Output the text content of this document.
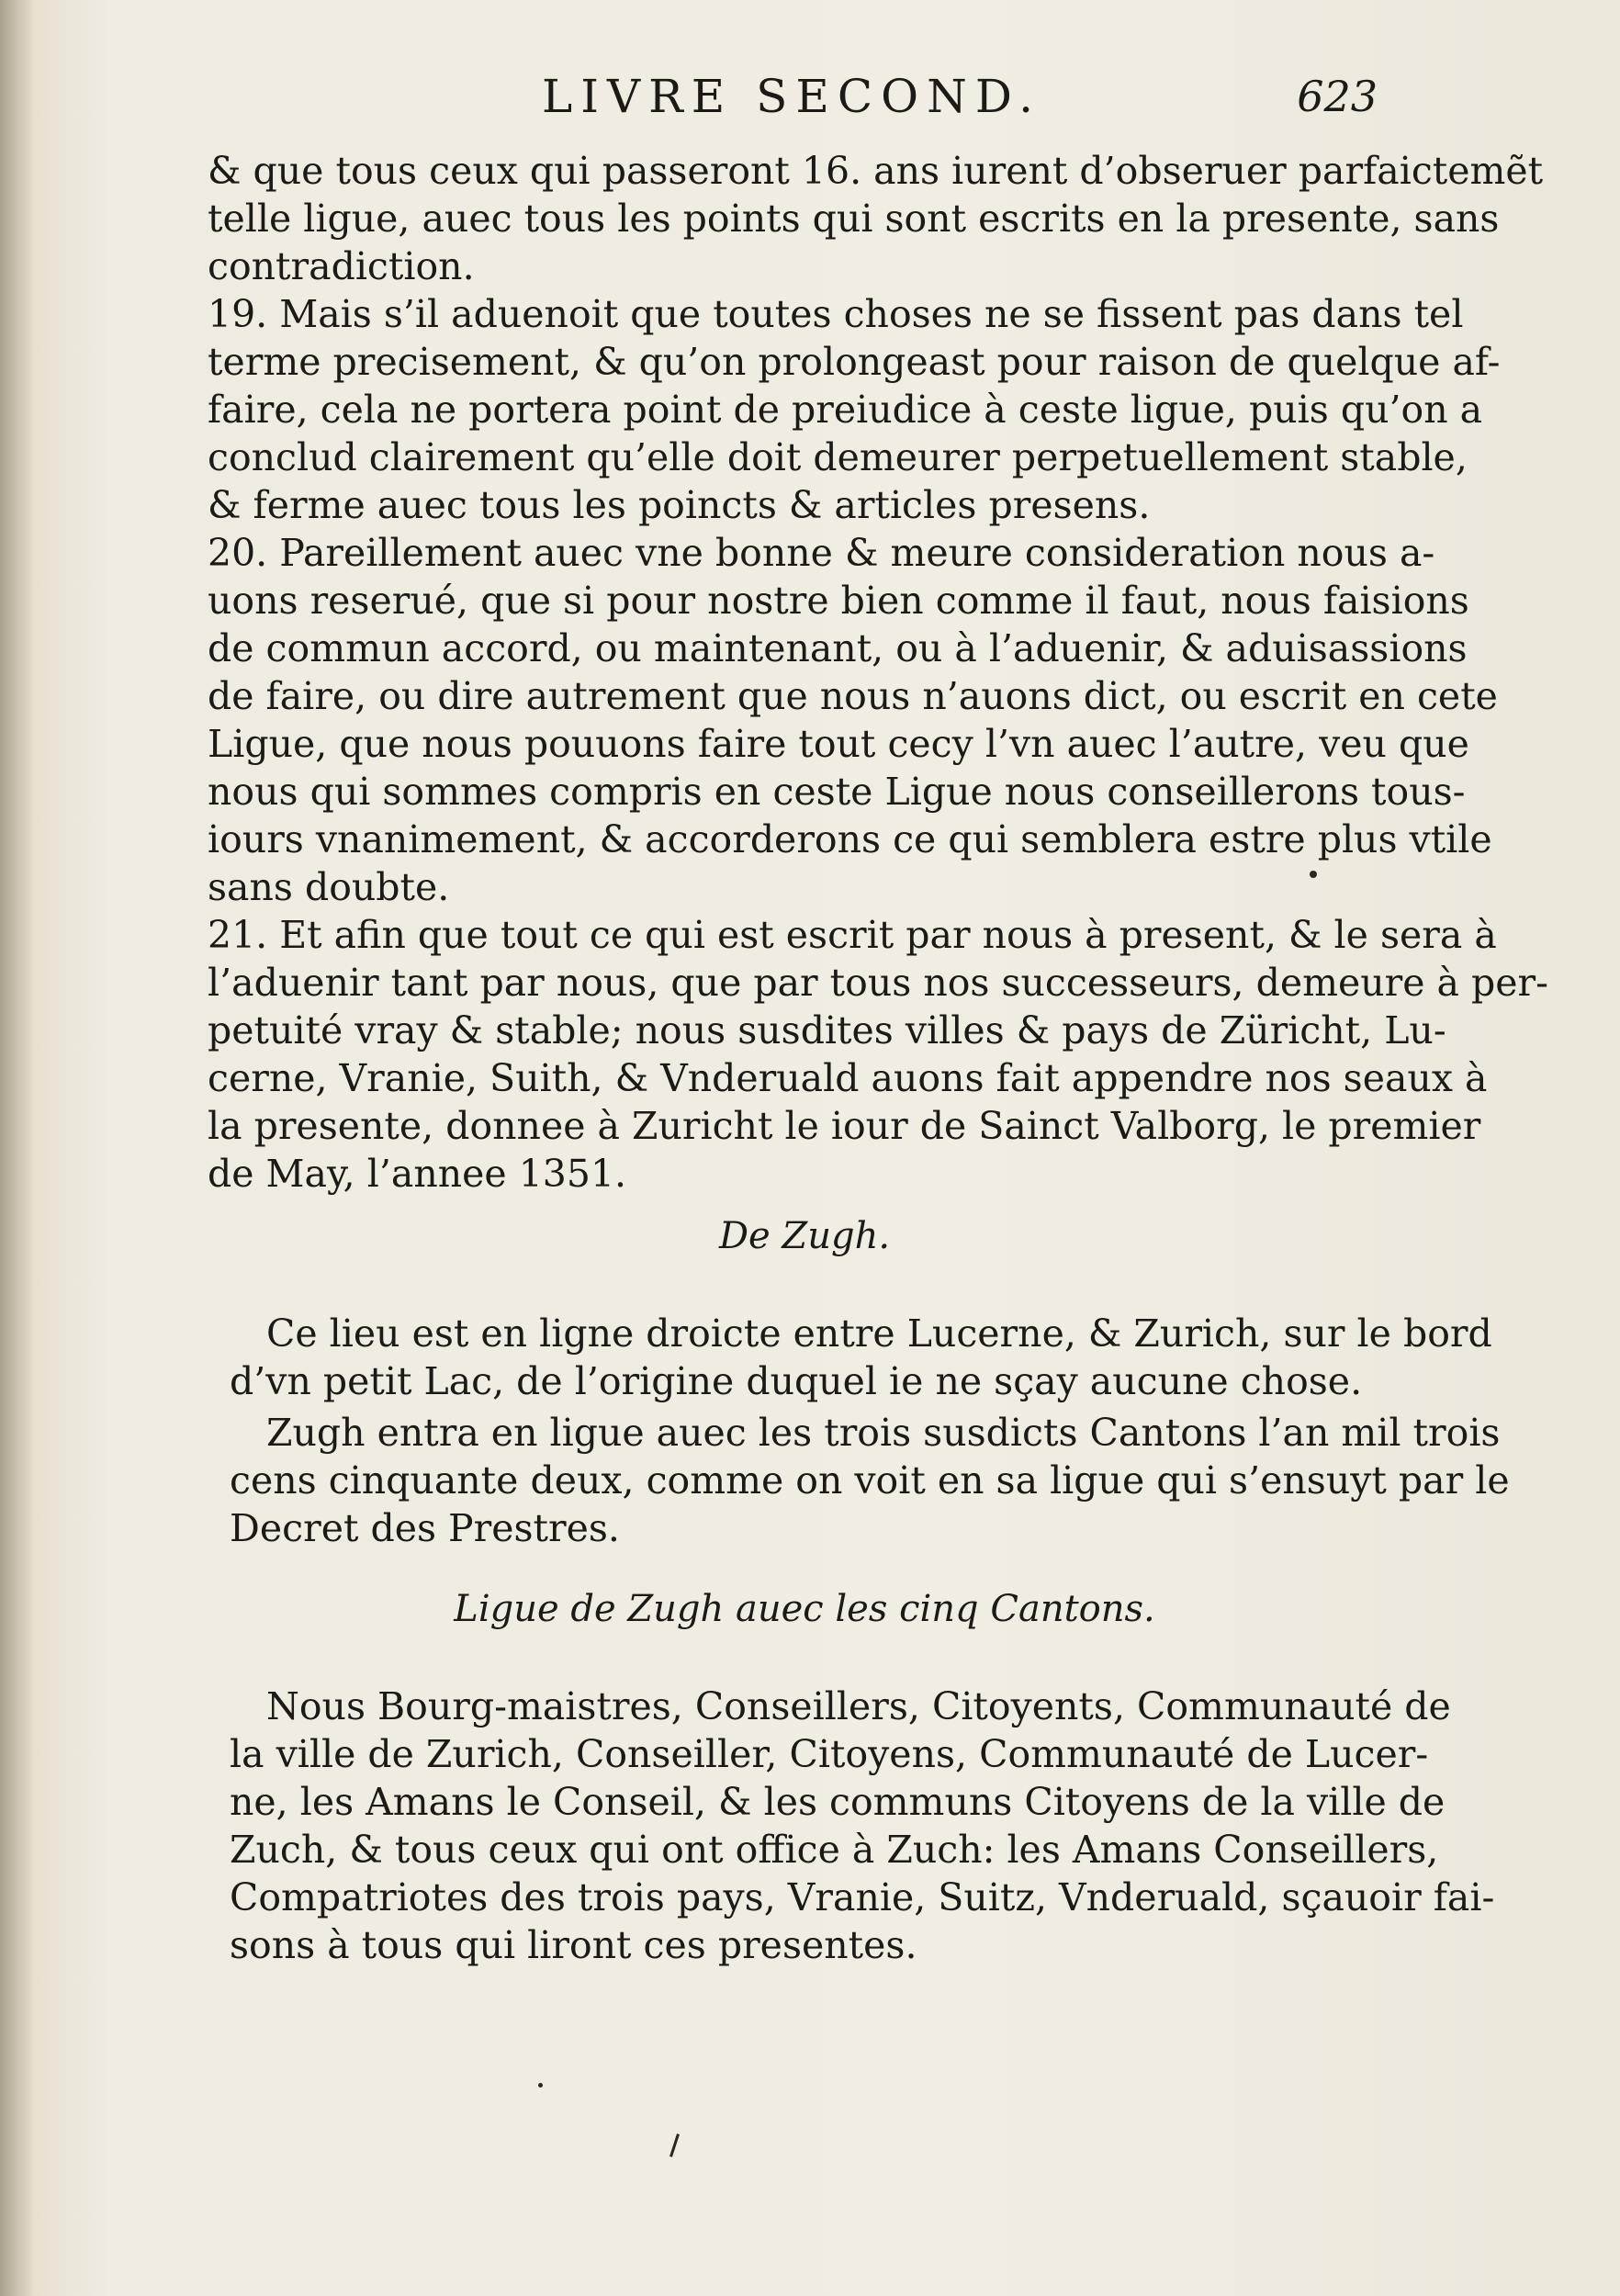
LIVRE SECOND.	623
& que tous ceux qui passeront 16. ans iurent d’obseruer parfaictemẽt
telle ligue, auec tous les points qui sont escrits en la presente, sans
contradiction.
19. Mais s’il aduenoit que toutes choses ne se fissent pas dans tel
terme precisement, & qu’on prolongeast pour raison de quelque af-
faire, cela ne portera point de preiudice à ceste ligue, puis qu’on a
conclud clairement qu’elle doit demeurer perpetuellement stable,
& ferme auec tous les poincts & articles presens.
20. Pareillement auec vne bonne & meure consideration nous a-
uons reserué, que si pour nostre bien comme il faut, nous faisions
de commun accord, ou maintenant, ou à l’aduenir, & aduisassions
de faire, ou dire autrement que nous n’auons dict, ou escrit en cete
Ligue, que nous pouuons faire tout cecy l’vn auec l’autre, veu que
nous qui sommes compris en ceste Ligue nous conseillerons tous-
iours vnanimement, & accorderons ce qui semblera estre plus vtile
sans doubte.
21. Et afin que tout ce qui est escrit par nous à present, & le sera à
l’aduenir tant par nous, que par tous nos successeurs, demeure à per-
petuité vray & stable; nous susdites villes & pays de Züricht, Lu-
cerne, Vranie, Suith, & Vnderuald auons fait appendre nos seaux à
la presente, donnee à Zuricht le iour de Sainct Valborg, le premier
de May, l’annee 1351.
De Zugh.
Ce lieu est en ligne droicte entre Lucerne, & Zurich, sur le bord
d’vn petit Lac, de l’origine duquel ie ne sçay aucune chose.
Zugh entra en ligue auec les trois susdicts Cantons l’an mil trois
cens cinquante deux, comme on voit en sa ligue qui s’ensuyt par le
Decret des Prestres.
Ligue de Zugh auec les cinq Cantons.
Nous Bourg-maistres, Conseillers, Citoyents, Communauté de
la ville de Zurich, Conseiller, Citoyens, Communauté de Lucer-
ne, les Amans le Conseil, & les communs Citoyens de la ville de
Zuch, & tous ceux qui ont office à Zuch: les Amans Conseillers,
Compatriotes des trois pays, Vranie, Suitz, Vnderuald, sçauoir fai-
sons à tous qui liront ces presentes.
